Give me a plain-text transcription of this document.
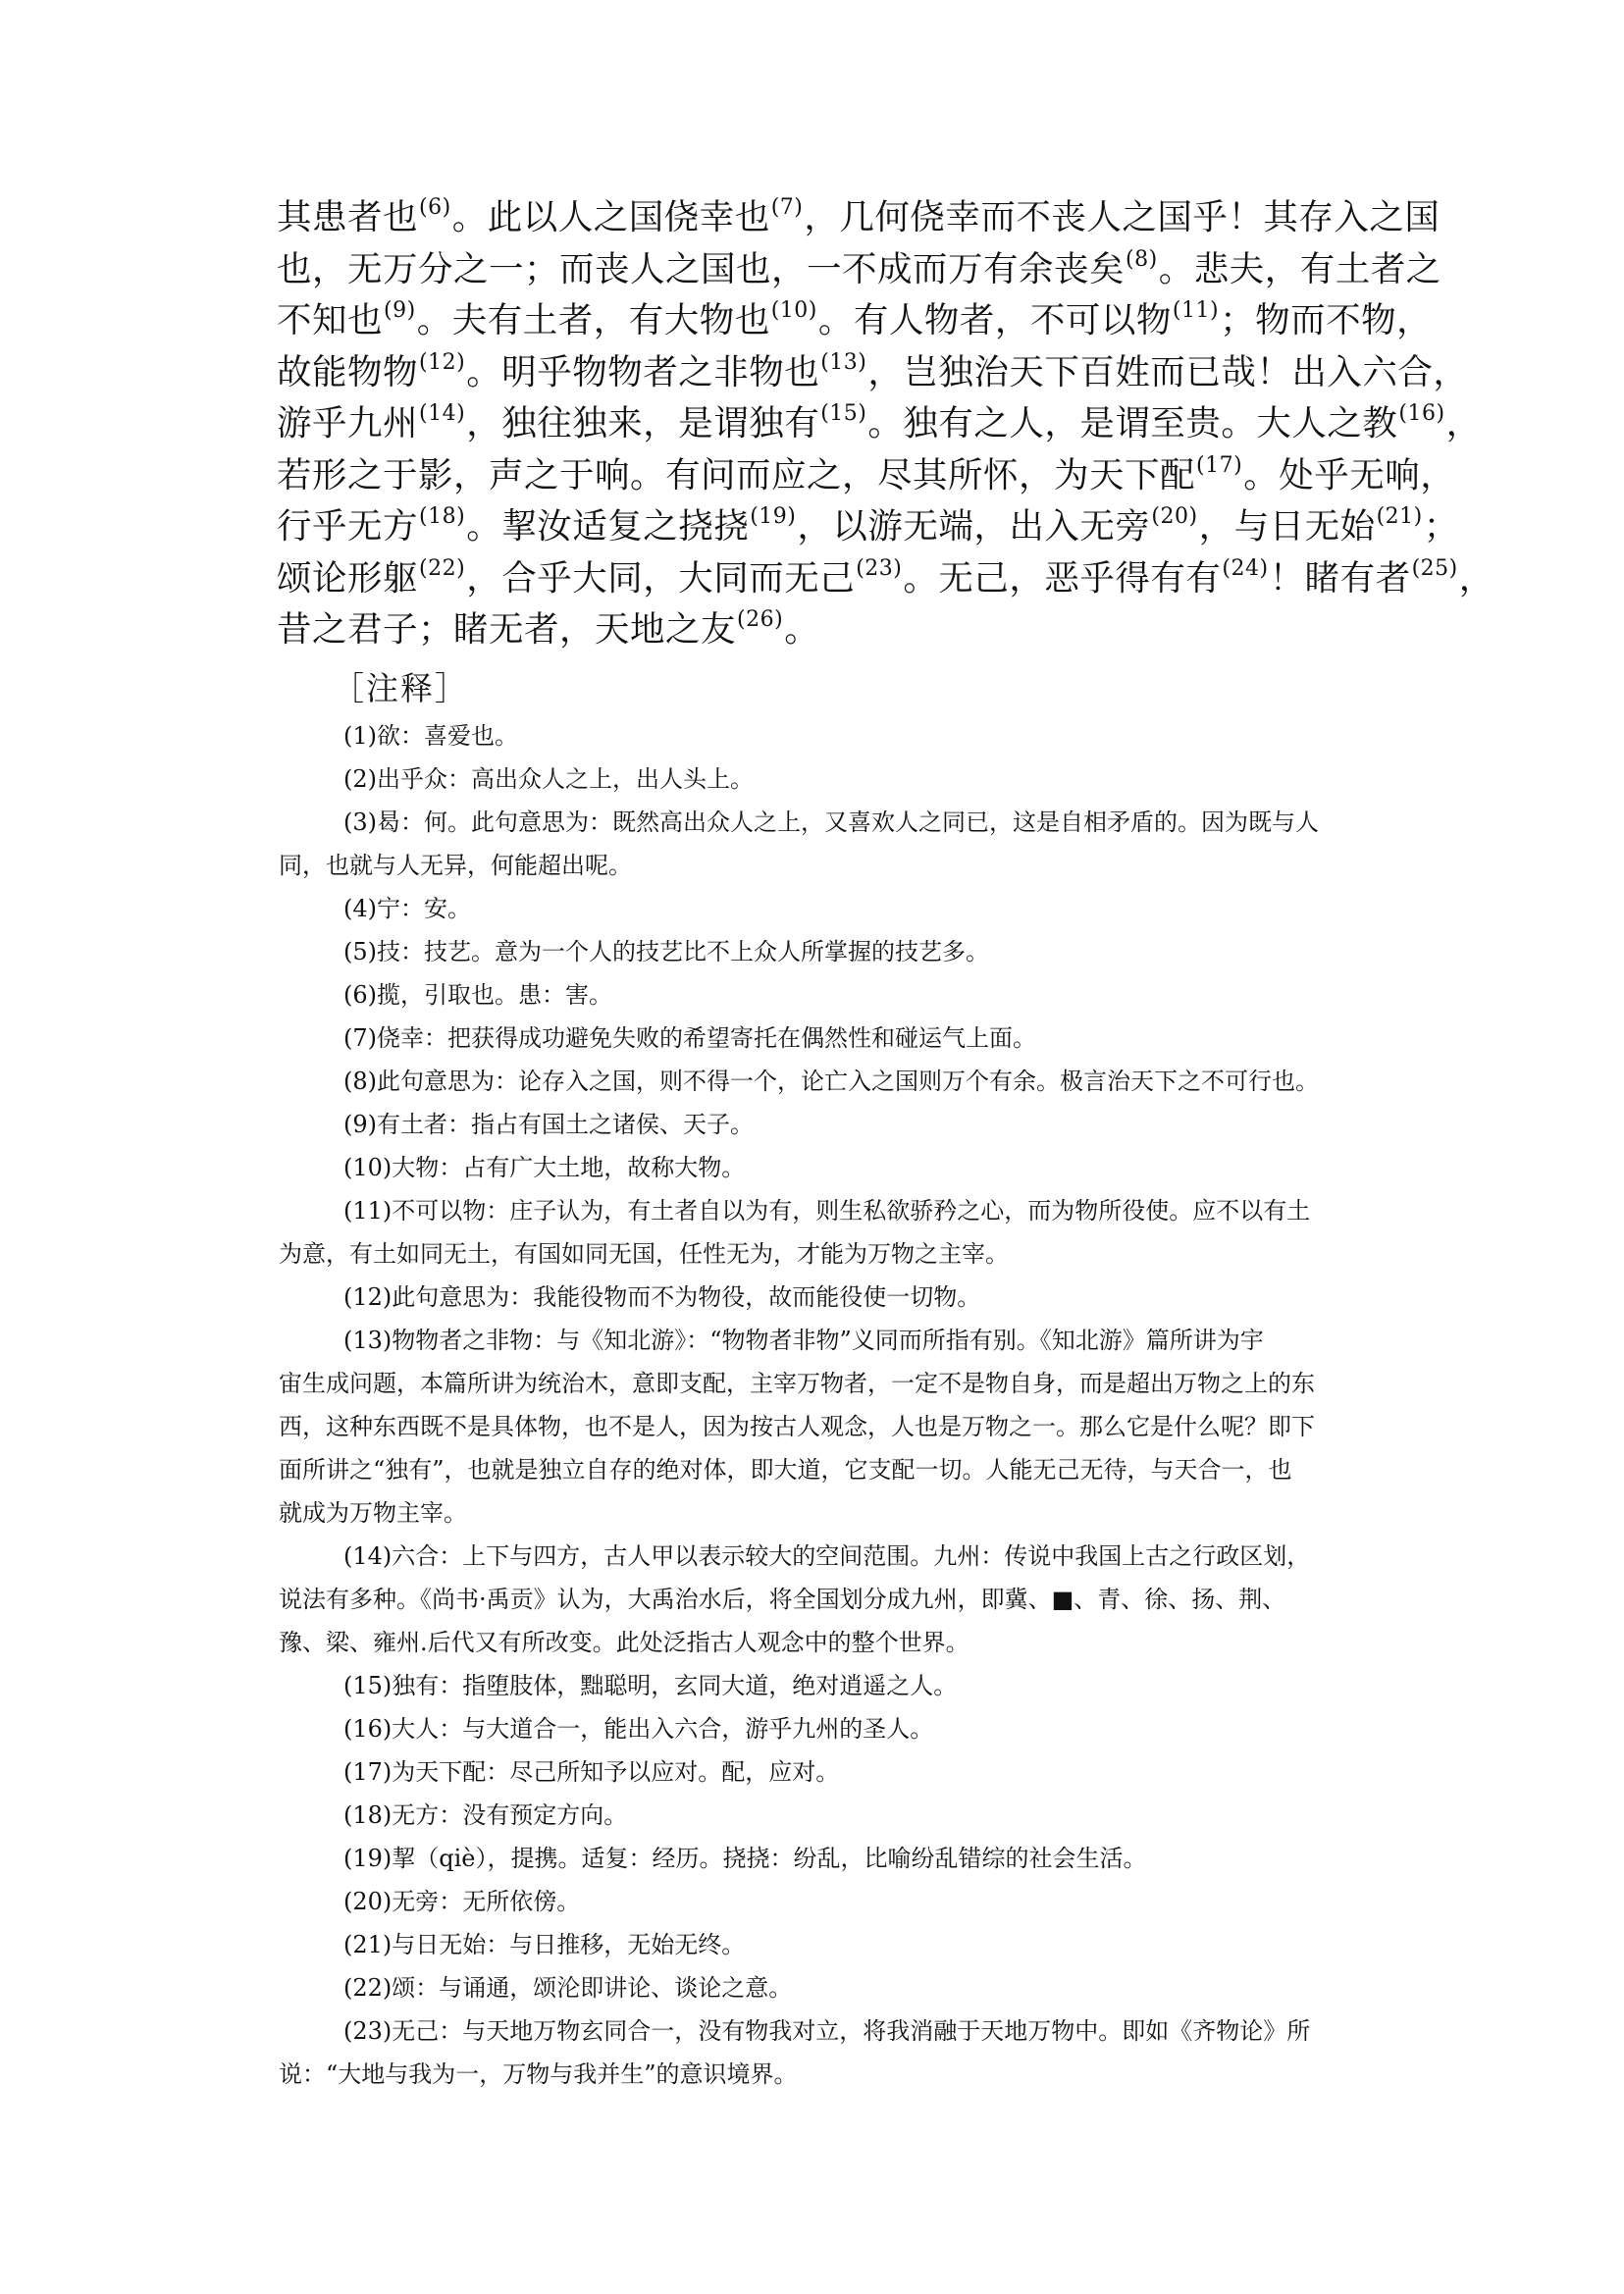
其患者也$^{(6)}$。此以人之国侥幸也$^{(7)}$，几何侥幸而不丧人之国乎！其存入之国
也，无万分之一；而丧人之国也，一不成而万有余丧矣$^{(8)}$。悲夫，有土者之
不知也$^{(9)}$。夫有土者，有大物也$^{(10)}$。有人物者，不可以物$^{(11)}$；物而不物，
故能物物$^{(12)}$。明乎物物者之非物也$^{(13)}$，岂独治天下百姓而已哉！出入六合，
游乎九州$^{(14)}$，独往独来，是谓独有$^{(15)}$。独有之人，是谓至贵。大人之教$^{(16)}$，
若形之于影，声之于响。有问而应之，尽其所怀，为天下配$^{(17)}$。处乎无响，
行乎无方$^{(18)}$。挈汝适复之挠挠$^{(19)}$，以游无端，出入无旁$^{(20)}$，与日无始$^{(21)}$；
颂论形躯$^{(22)}$，合乎大同，大同而无己$^{(23)}$。无己，恶乎得有有$^{(24)}$！睹有者$^{(25)}$，
昔之君子；睹无者，天地之友$^{(26)}$。
［注释］
(1)欲：喜爱也。
(2)出乎众：高出众人之上，出人头上。
(3)曷：何。此句意思为：既然高出众人之上，又喜欢人之同已，这是自相矛盾的。因为既与人
同，也就与人无异，何能超出呢。
(4)宁：安。
(5)技：技艺。意为一个人的技艺比不上众人所掌握的技艺多。
(6)揽，引取也。患：害。
(7)侥幸：把获得成功避免失败的希望寄托在偶然性和碰运气上面。
(8)此句意思为：论存入之国，则不得一个，论亡入之国则万个有余。极言治天下之不可行也。
(9)有土者：指占有国土之诸侯、天子。
(10)大物：占有广大土地，故称大物。
(11)不可以物：庄子认为，有土者自以为有，则生私欲骄矜之心，而为物所役使。应不以有土
为意，有土如同无土，有国如同无国，任性无为，才能为万物之主宰。
(12)此句意思为：我能役物而不为物役，故而能役使一切物。
(13)物物者之非物：与《知北游》：“物物者非物”义同而所指有别。《知北游》篇所讲为宇
宙生成问题，本篇所讲为统治木，意即支配，主宰万物者，一定不是物自身，而是超出万物之上的东
西，这种东西既不是具体物，也不是人，因为按古人观念，人也是万物之一。那么它是什么呢？即下
面所讲之“独有”，也就是独立自存的绝对体，即大道，它支配一切。人能无己无待，与天合一，也
就成为万物主宰。
(14)六合：上下与四方，古人甲以表示较大的空间范围。九州：传说中我国上古之行政区划，
说法有多种。《尚书·禹贡》认为，大禹治水后，将全国划分成九州，即冀、■、青、徐、扬、荆、
豫、梁、雍州.后代又有所改变。此处泛指古人观念中的整个世界。
(15)独有：指堕肢体，黜聪明，玄同大道，绝对逍遥之人。
(16)大人：与大道合一，能出入六合，游乎九州的圣人。
(17)为天下配：尽己所知予以应对。配，应对。
(18)无方：没有预定方向。
(19)挈（qiè），提携。适复：经历。挠挠：纷乱，比喻纷乱错综的社会生活。
(20)无旁：无所依傍。
(21)与日无始：与日推移，无始无终。
(22)颂：与诵通，颂沦即讲论、谈论之意。
(23)无己：与天地万物玄同合一，没有物我对立，将我消融于天地万物中。即如《齐物论》所
说：“大地与我为一，万物与我并生”的意识境界。
